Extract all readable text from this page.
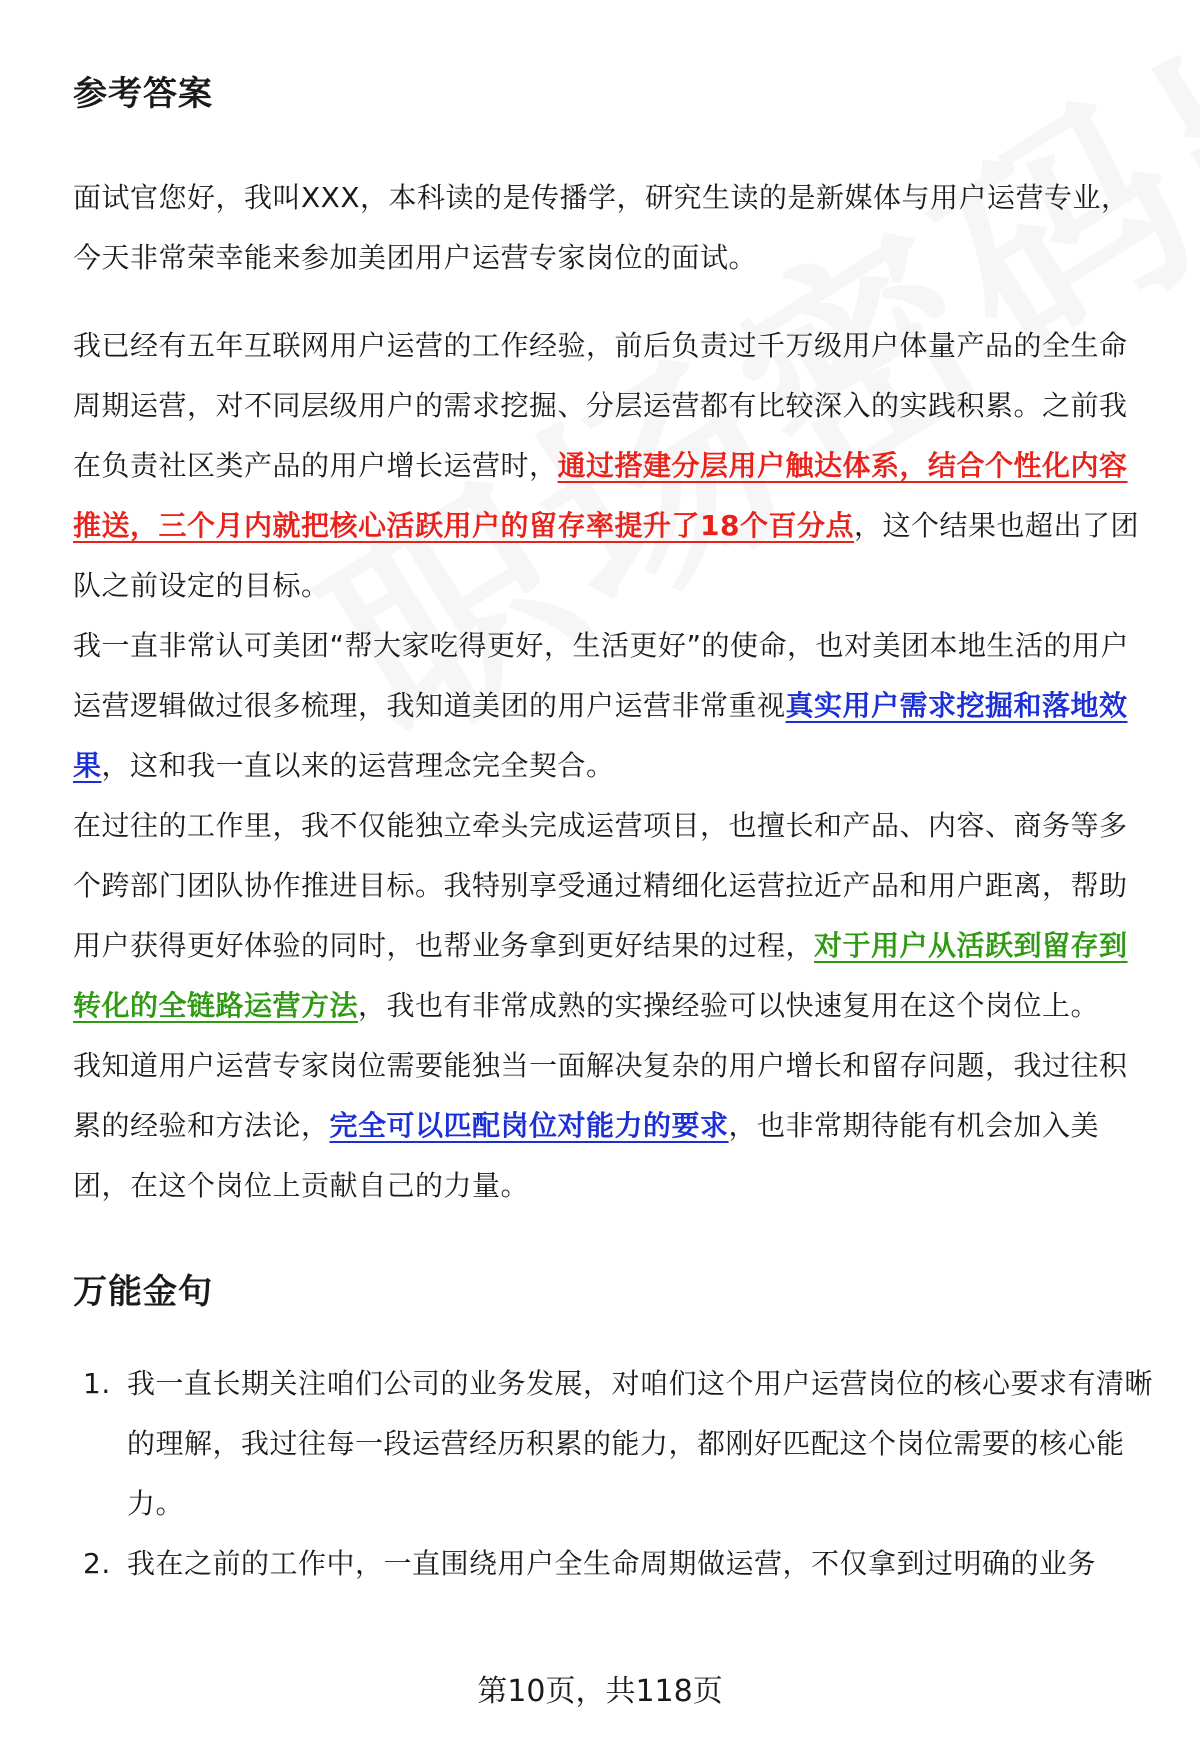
参考答案

面试官您好，我叫XXX，本科读的是传播学，研究生读的是新媒体与用户运营专业，今天非常荣幸能来参加美团用户运营专家岗位的面试。

我已经有五年互联网用户运营的工作经验，前后负责过千万级用户体量产品的全生命周期运营，对不同层级用户的需求挖掘、分层运营都有比较深入的实践积累。之前我在负责社区类产品的用户增长运营时，通过搭建分层用户触达体系，结合个性化内容推送，三个月内就把核心活跃用户的留存率提升了18个百分点，这个结果也超出了团队之前设定的目标。

我一直非常认可美团“帮大家吃得更好，生活更好”的使命，也对美团本地生活的用户运营逻辑做过很多梳理，我知道美团的用户运营非常重视真实用户需求挖掘和落地效果，这和我一直以来的运营理念完全契合。

在过往的工作里，我不仅能独立牵头完成运营项目，也擅长和产品、内容、商务等多个跨部门团队协作推进目标。我特别享受通过精细化运营拉近产品和用户距离，帮助用户获得更好体验的同时，也帮业务拿到更好结果的过程，对于用户从活跃到留存到转化的全链路运营方法，我也有非常成熟的实操经验可以快速复用在这个岗位上。

我知道用户运营专家岗位需要能独当一面解决复杂的用户增长和留存问题，我过往积累的经验和方法论，完全可以匹配岗位对能力的要求，也非常期待能有机会加入美团，在这个岗位上贡献自己的力量。

万能金句
1. 我一直长期关注咱们公司的业务发展，对咱们这个用户运营岗位的核心要求有清晰的理解，我过往每一段运营经历积累的能力，都刚好匹配这个岗位需要的核心能力。
2. 我在之前的工作中，一直围绕用户全生命周期做运营，不仅拿到过明确的业务
第10页，共118页
